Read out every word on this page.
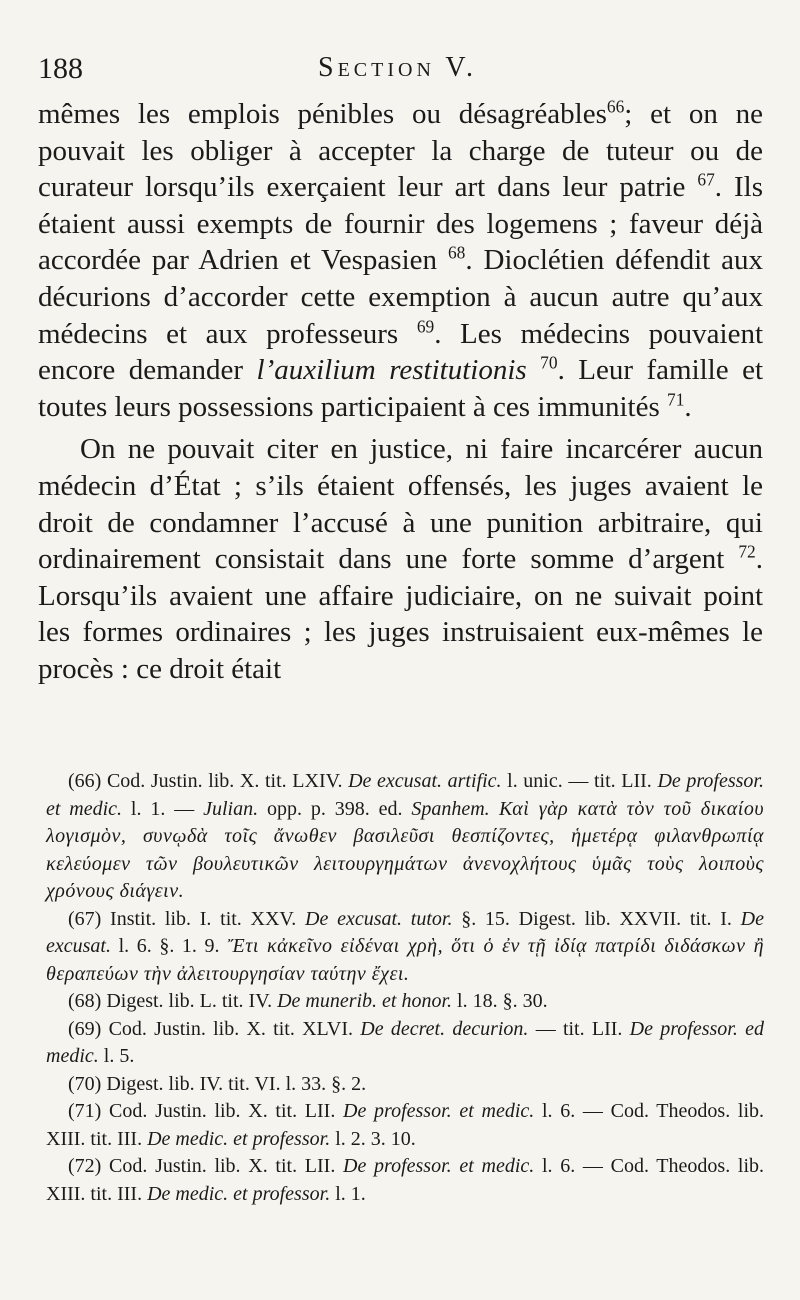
188	Section V.

mêmes les emplois pénibles ou désagréables$^{66}$; et on ne pouvait les obliger à accepter la charge de tuteur ou de curateur lorsqu’ils exerçaient leur art dans leur patrie $^{67}$. Ils étaient aussi exempts de fournir des logemens ; faveur déjà accordée par Adrien et Vespasien $^{68}$. Dioclétien défendit aux décurions d’accorder cette exemption à aucun autre qu’aux médecins et aux professeurs $^{69}$. Les médecins pouvaient encore demander l’auxilium restitutionis $^{70}$. Leur famille et toutes leurs possessions participaient à ces immunités $^{71}$.

On ne pouvait citer en justice, ni faire incarcérer aucun médecin d’État ; s’ils étaient offensés, les juges avaient le droit de condamner l’accusé à une punition arbitraire, qui ordinairement consistait dans une forte somme d’argent $^{72}$. Lorsqu’ils avaient une affaire judiciaire, on ne suivait point les formes ordinaires ; les juges instruisaient eux-mêmes le procès : ce droit était

(66) Cod. Justin. lib. X. tit. LXIV. De excusat. artific. l. unic. — tit. LII. De professor. et medic. l. 1. — Julian. opp. p. 398. ed. Spanhem. Καὶ γὰρ κατὰ τὸν τοῦ δικαίου λογισμὸν, συνῳδὰ τοῖς ἄνωθεν βασιλεῦσι θεσπίζοντες, ἡμετέρᾳ φιλανθρωπίᾳ κελεύομεν τῶν βουλευτικῶν λειτουργημάτων ἀνενοχλήτους ὑμᾶς τοὺς λοιποὺς χρόνους διάγειν.

(67) Instit. lib. I. tit. XXV. De excusat. tutor. §. 15. Digest. lib. XXVII. tit. I. De excusat. l. 6. §. 1. 9. Ἔτι κἀκεῖνο εἰδέναι χρὴ, ὅτι ὁ ἐν τῇ ἰδίᾳ πατρίδι διδάσκων ἢ θεραπεύων τὴν ἀλειτουργησίαν ταύτην ἔχει.

(68) Digest. lib. L. tit. IV. De munerib. et honor. l. 18. §. 30.

(69) Cod. Justin. lib. X. tit. XLVI. De decret. decurion. — tit. LII. De professor. ed medic. l. 5.

(70) Digest. lib. IV. tit. VI. l. 33. §. 2.

(71) Cod. Justin. lib. X. tit. LII. De professor. et medic. l. 6. — Cod. Theodos. lib. XIII. tit. III. De medic. et professor. l. 2. 3. 10.

(72) Cod. Justin. lib. X. tit. LII. De professor. et medic. l. 6. — Cod. Theodos. lib. XIII. tit. III. De medic. et professor. l. 1.
